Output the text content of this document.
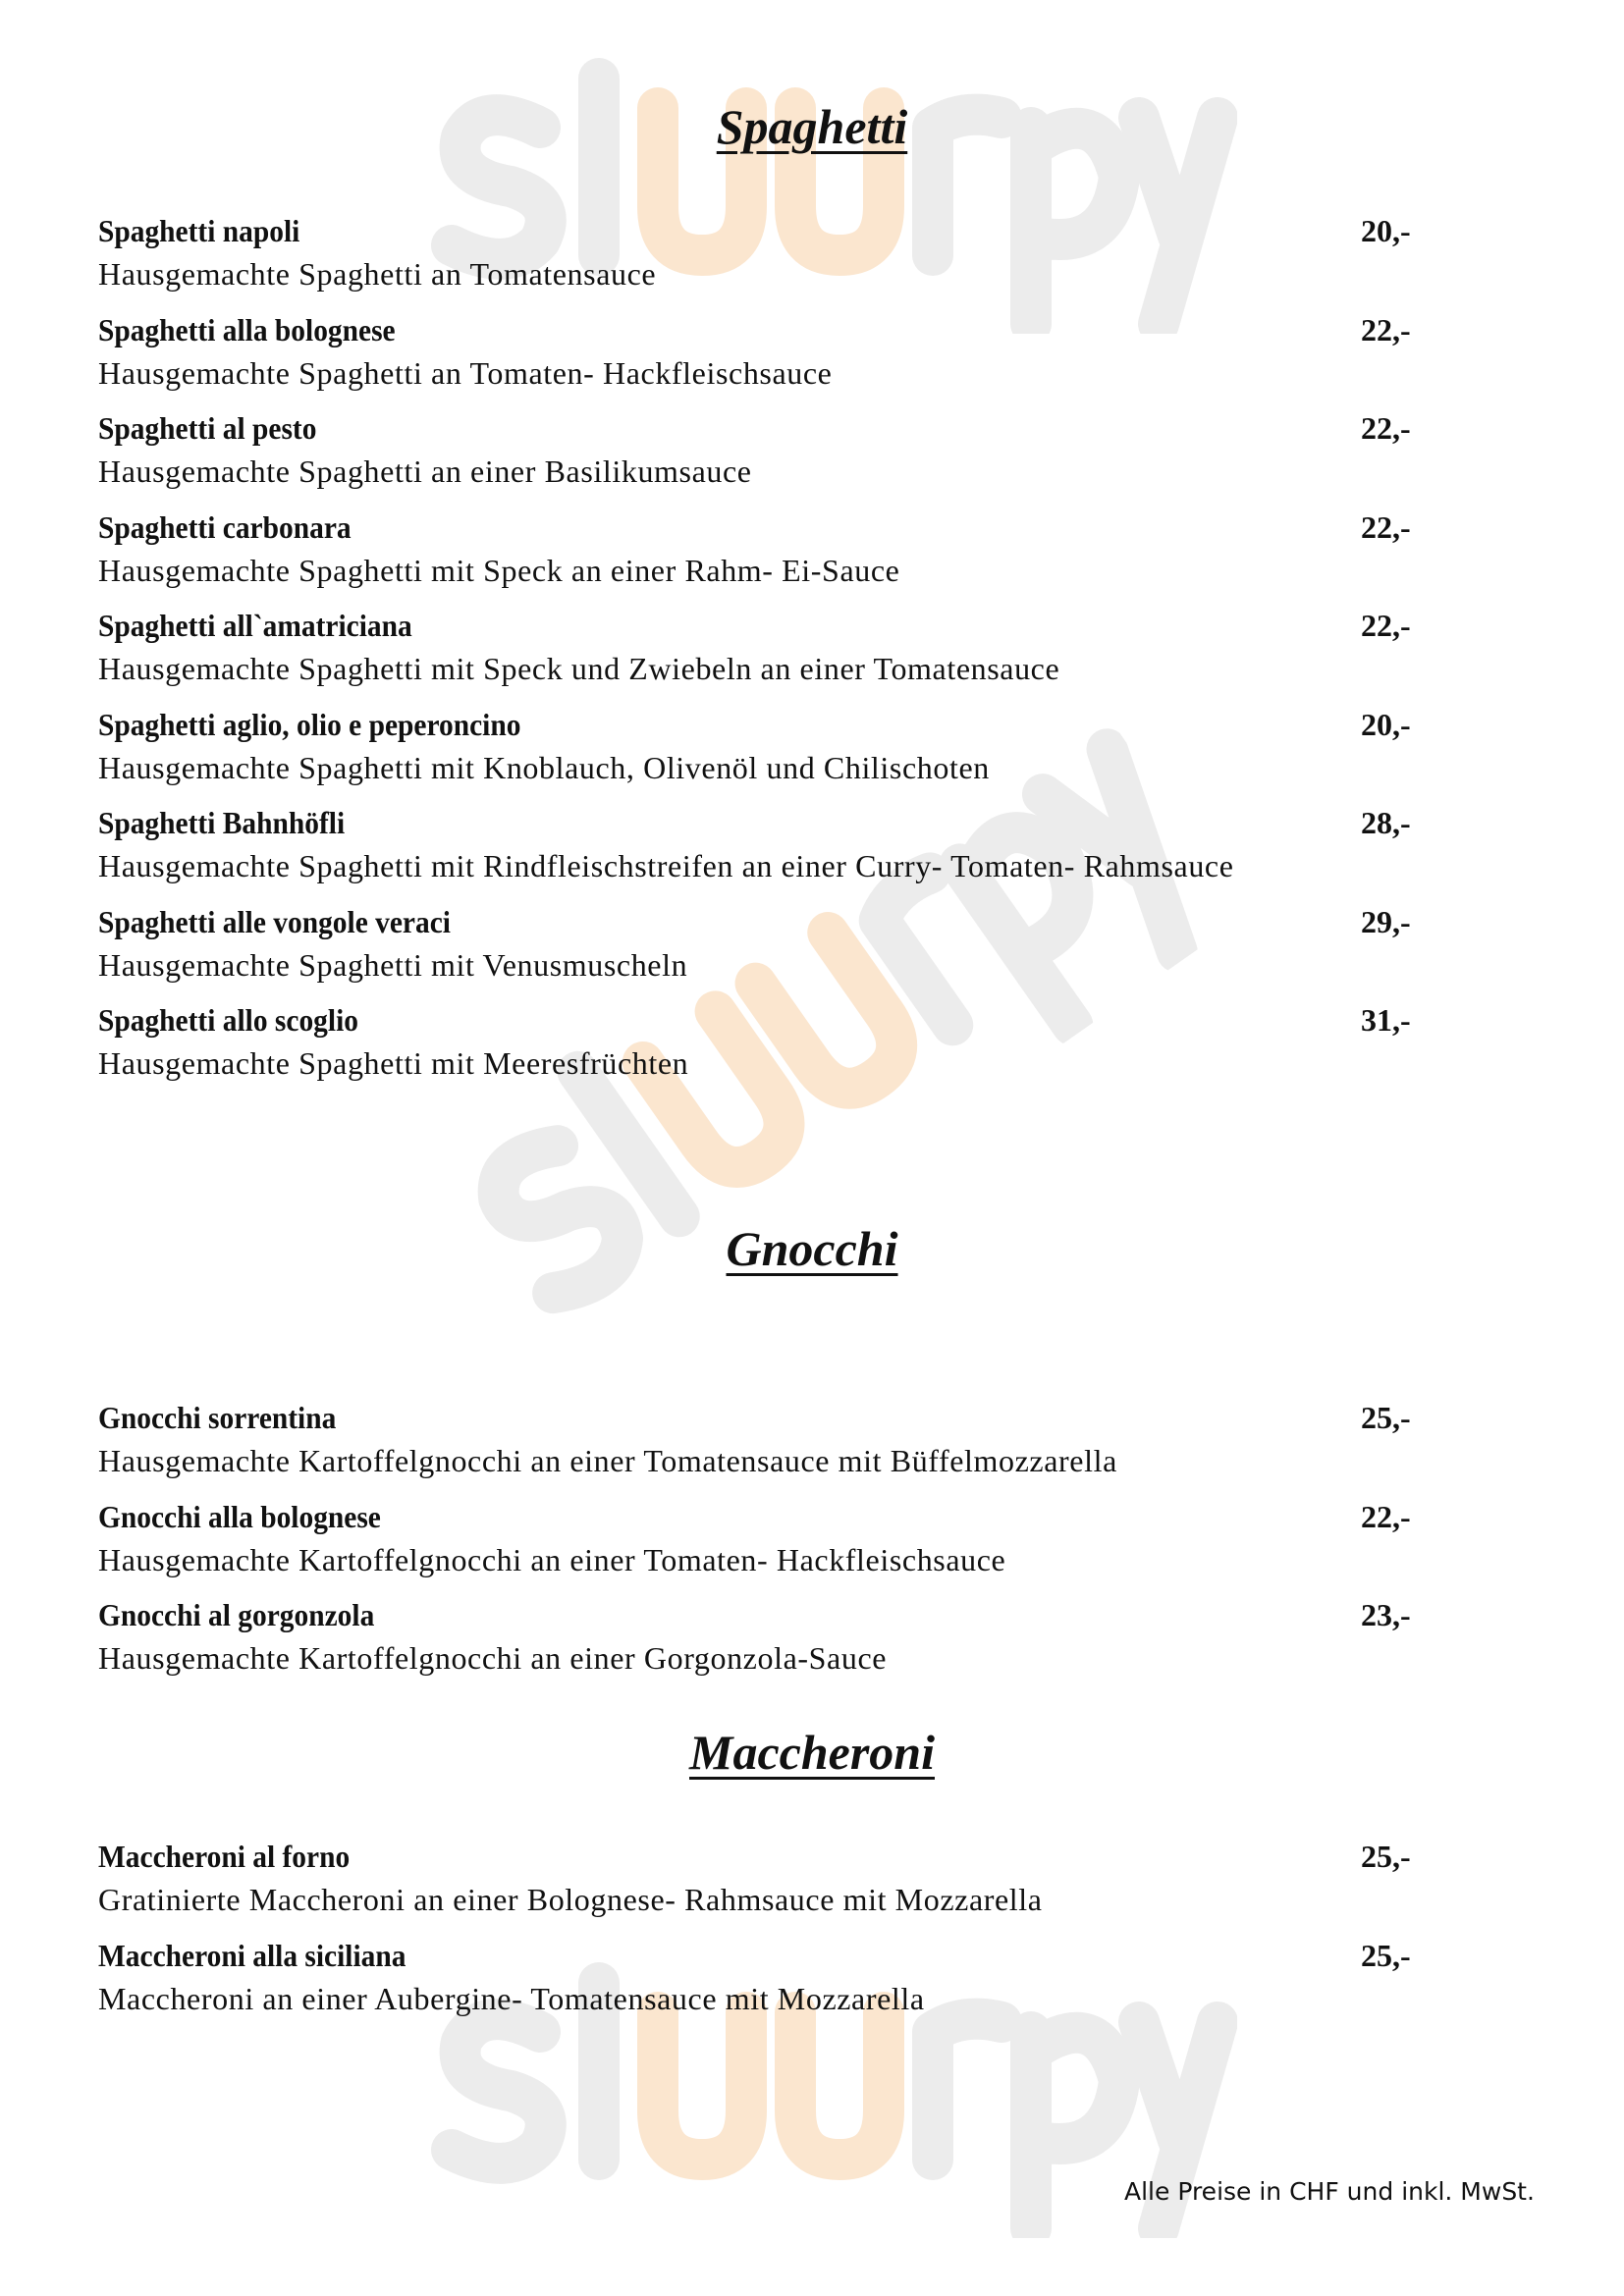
Spaghetti
Spaghetti napoli	20,-
Hausgemachte Spaghetti an Tomatensauce
Spaghetti alla bolognese	22,-
Hausgemachte Spaghetti an Tomaten- Hackfleischsauce
Spaghetti al pesto	22,-
Hausgemachte Spaghetti an einer Basilikumsauce
Spaghetti carbonara	22,-
Hausgemachte Spaghetti mit Speck an einer Rahm- Ei-Sauce
Spaghetti all`amatriciana	22,-
Hausgemachte Spaghetti mit Speck und Zwiebeln an einer Tomatensauce
Spaghetti aglio, olio e peperoncino	20,-
Hausgemachte Spaghetti mit Knoblauch, Olivenöl und Chilischoten
Spaghetti Bahnhöfli	28,-
Hausgemachte Spaghetti mit Rindfleischstreifen an einer Curry- Tomaten- Rahmsauce
Spaghetti alle vongole veraci	29,-
Hausgemachte Spaghetti mit Venusmuscheln
Spaghetti allo scoglio	31,-
Hausgemachte Spaghetti mit Meeresfrüchten
Gnocchi
Gnocchi sorrentina	25,-
Hausgemachte Kartoffelgnocchi an einer Tomatensauce mit Büffelmozzarella
Gnocchi alla bolognese	22,-
Hausgemachte Kartoffelgnocchi an einer Tomaten- Hackfleischsauce
Gnocchi al gorgonzola	23,-
Hausgemachte Kartoffelgnocchi an einer Gorgonzola-Sauce
Maccheroni
Maccheroni al forno	25,-
Gratinierte Maccheroni an einer Bolognese- Rahmsauce mit Mozzarella
Maccheroni alla siciliana	25,-
Maccheroni an einer Aubergine- Tomatensauce mit Mozzarella
Alle Preise in CHF und inkl. MwSt.
